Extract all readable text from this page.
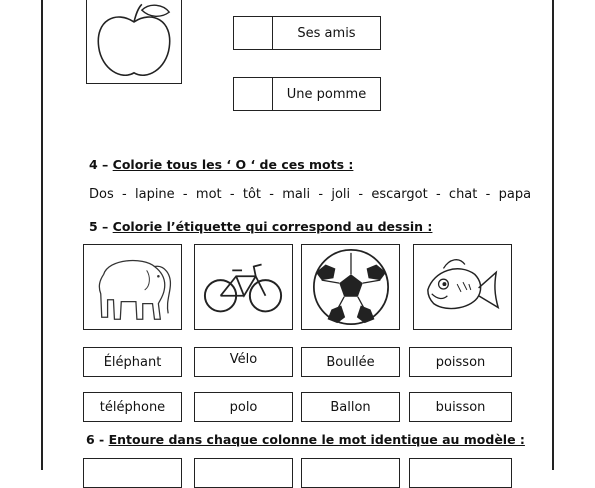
Ses amis
Une pomme
4 – Colorie tous les ‘ O ‘ de ces mots :
Dos  -  lapine  -  mot  -  tôt  -  mali  -  joli  -  escargot  -  chat  -  papa
5 – Colorie l’étiquette qui correspond au dessin :
Éléphant	Vélo	Boullée	poisson
téléphone	polo	Ballon	buisson
6 - Entoure dans chaque colonne le mot identique au modèle :
